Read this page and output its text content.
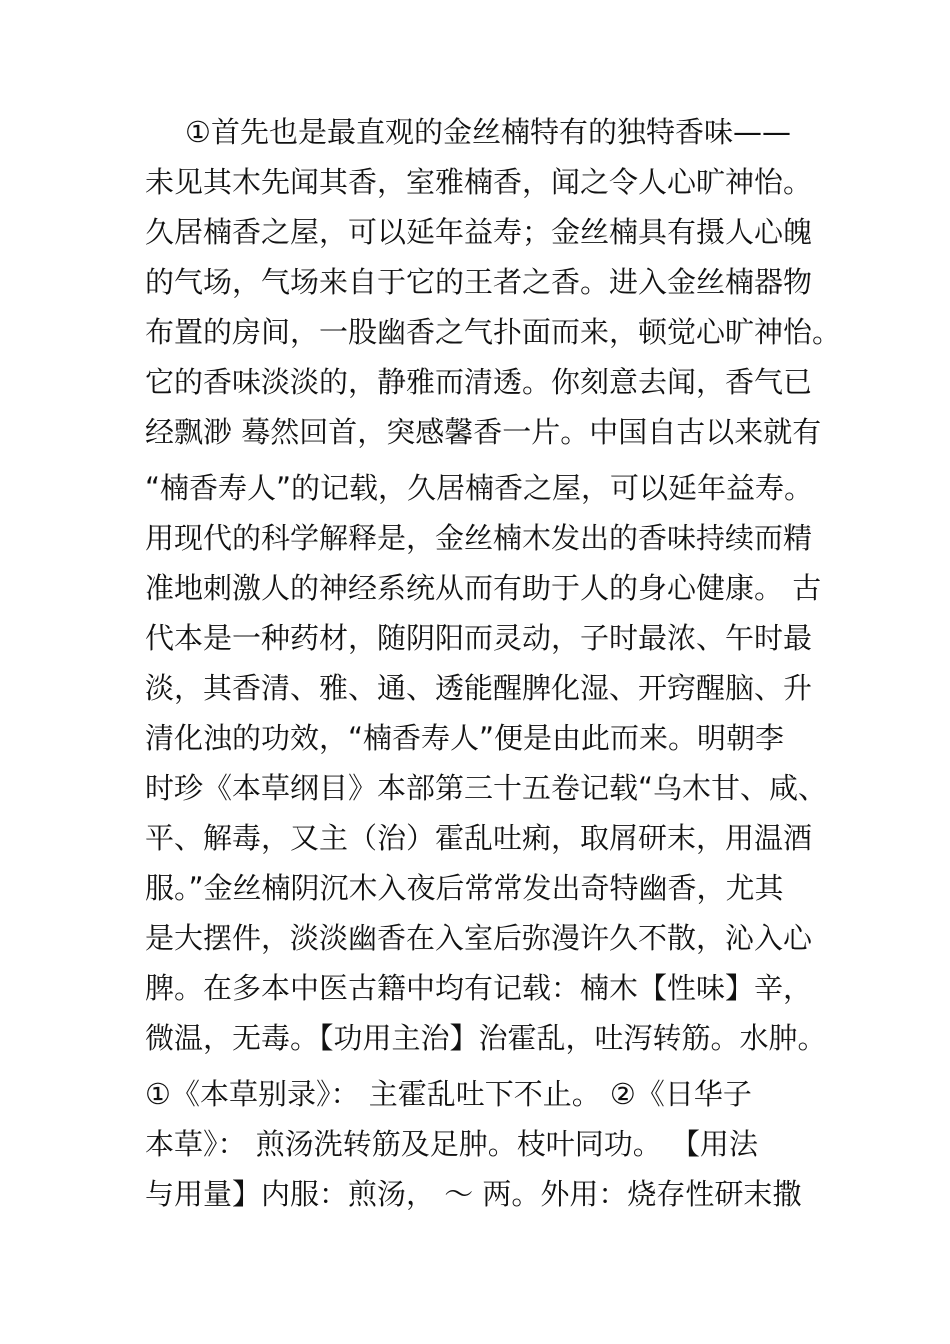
①首先也是最直观的金丝楠特有的独特香味——
未见其木先闻其香，室雅楠香，闻之令人心旷神怡。
久居楠香之屋，可以延年益寿；金丝楠具有摄人心魄
的气场，气场来自于它的王者之香。进入金丝楠器物
布置的房间，一股幽香之气扑面而来，顿觉心旷神怡。
它的香味淡淡的，静雅而清透。你刻意去闻，香气已
经飘渺 蓦然回首，突感馨香一片。中国自古以来就有
“楠香寿人”的记载，久居楠香之屋，可以延年益寿。
用现代的科学解释是，金丝楠木发出的香味持续而精
准地刺激人的神经系统从而有助于人的身心健康。 古
代本是一种药材，随阴阳而灵动，子时最浓、午时最
淡，其香清、雅、通、透能醒脾化湿、开窍醒脑、升
清化浊的功效，“楠香寿人”便是由此而来。明朝李
时珍《本草纲目》本部第三十五卷记载“乌木甘、咸、
平、解毒，又主（治）霍乱吐痢，取屑研末，用温酒
服。”金丝楠阴沉木入夜后常常发出奇特幽香，尤其
是大摆件，淡淡幽香在入室后弥漫许久不散，沁入心
脾。在多本中医古籍中均有记载：楠木【性味】辛，
微温，无毒。【功用主治】治霍乱，吐泻转筋。水肿。
①《本草别录》： 主霍乱吐下不止。 ②《日华子
本草》： 煎汤洗转筋及足肿。枝叶同功。 【用法
与用量】内服：煎汤， ～ 两。外用：烧存性研末撒
